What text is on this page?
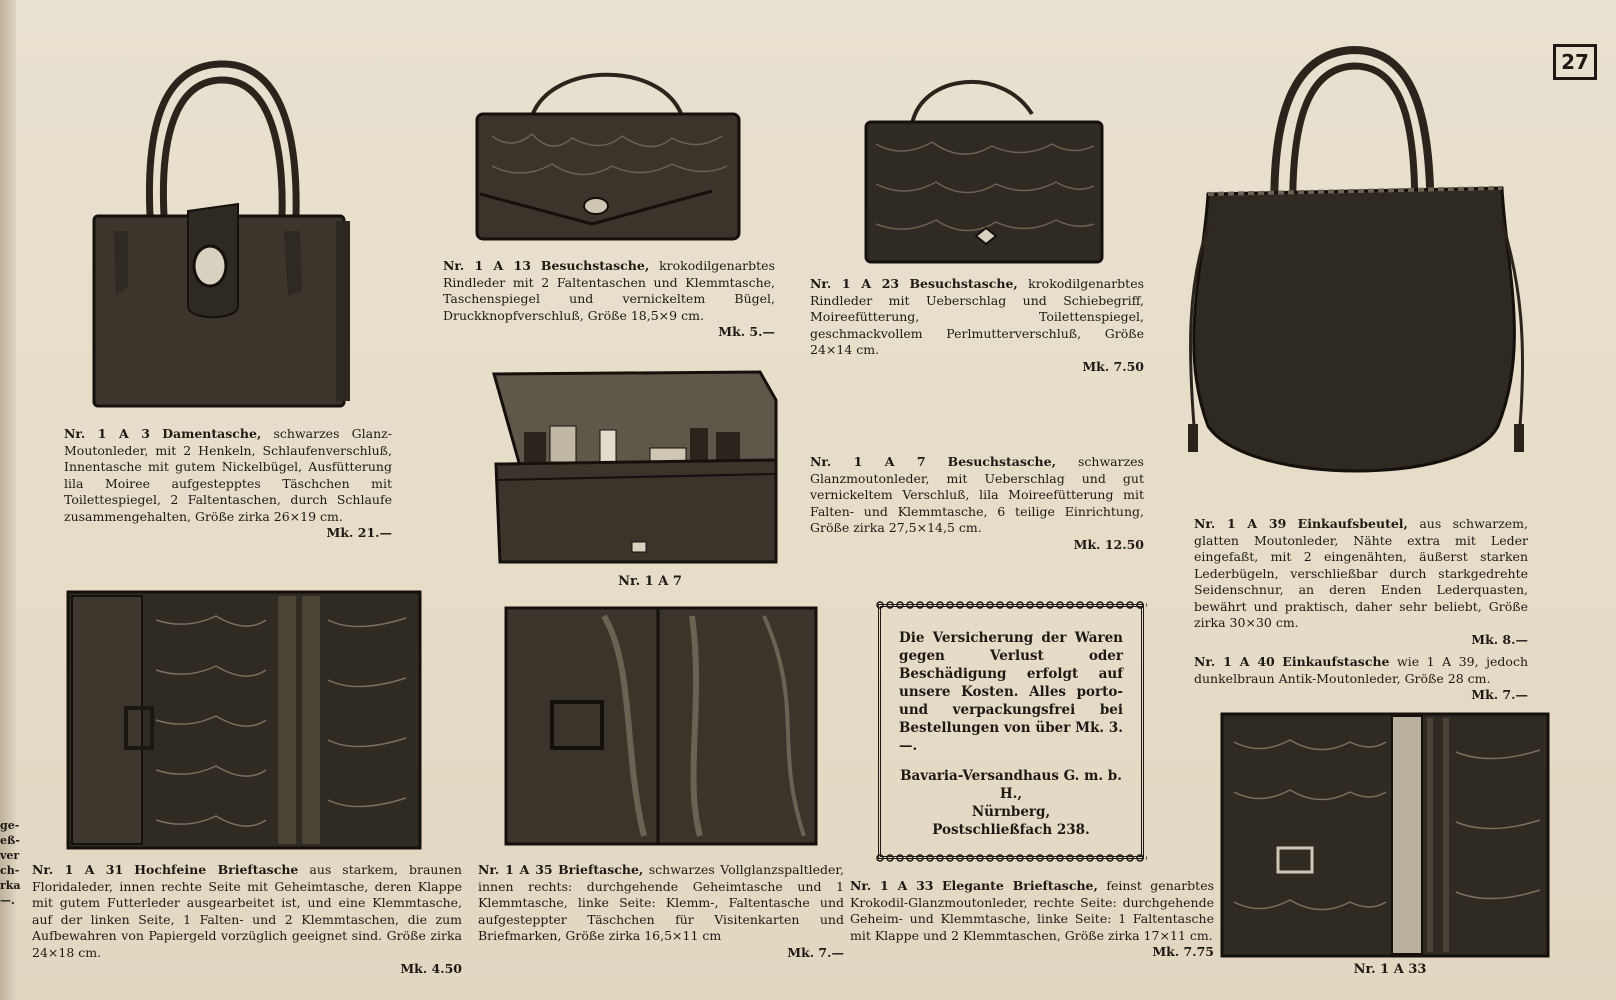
ge-
eß-
ver
ch-
rka
—.
27
Nr. 1 A 3 Damentasche, schwarzes Glanz-Moutonleder, mit 2 Henkeln, Schlaufenverschluß, Innentasche mit gutem Nickelbügel, Ausfütterung lila Moiree aufgestepptes Täschchen mit Toilettespiegel, 2 Faltentaschen, durch Schlaufe zusammengehalten, Größe zirka 26×19 cm.
Mk. 21.—
Nr. 1 A 13 Besuchstasche, krokodilgenarbtes Rindleder mit 2 Faltentaschen und Klemmtasche, Taschenspiegel und vernickeltem Bügel, Druckknopfverschluß, Größe 18,5×9 cm.
Mk. 5.—
Nr. 1 A 23 Besuchstasche, krokodilgenarbtes Rindleder mit Ueberschlag und Schiebegriff, Moireefütterung, Toilettenspiegel, geschmackvollem Perlmutterverschluß, Größe 24×14 cm.
Mk. 7.50
Nr. 1 A 7
Nr. 1 A 7 Besuchstasche, schwarzes Glanzmoutonleder, mit Ueberschlag und gut vernickeltem Verschluß, lila Moireefütterung mit Falten- und Klemmtasche, 6 teilige Einrichtung, Größe zirka 27,5×14,5 cm.
Mk. 12.50
Nr. 1 A 39 Einkaufsbeutel, aus schwarzem, glatten Moutonleder, Nähte extra mit Leder eingefaßt, mit 2 eingenähten, äußerst starken Lederbügeln, verschließbar durch starkgedrehte Seidenschnur, an deren Enden Lederquasten, bewährt und praktisch, daher sehr beliebt, Größe zirka 30×30 cm.
Mk. 8.—
Nr. 1 A 40 Einkaufstasche wie 1 A 39, jedoch dunkelbraun Antik-Moutonleder, Größe 28 cm.
Mk. 7.—
Nr. 1 A 31 Hochfeine Brieftasche aus starkem, braunen Floridaleder, innen rechte Seite mit Geheimtasche, deren Klappe mit gutem Futterleder ausgearbeitet ist, und eine Klemmtasche, auf der linken Seite, 1 Falten- und 2 Klemmtaschen, die zum Aufbewahren von Papiergeld vorzüglich geeignet sind. Größe zirka 24×18 cm.
Mk. 4.50
Nr. 1 A 35 Brieftasche, schwarzes Vollglanzspaltleder, innen rechts: durchgehende Geheimtasche und 1 Klemmtasche, linke Seite: Klemm-, Faltentasche und aufgesteppter Täschchen für Visitenkarten und Briefmarken, Größe zirka 16,5×11 cm
Mk. 7.—
Die Versicherung der Waren gegen Verlust oder Beschädigung erfolgt auf unsere Kosten. Alles porto- und verpackungsfrei bei Bestellungen von über Mk. 3.—.
Bavaria-Versandhaus G. m. b. H.,
Nürnberg,
Postschließfach 238.
Nr. 1 A 33 Elegante Brieftasche, feinst genarbtes Krokodil-Glanzmoutonleder, rechte Seite: durchgehende Geheim- und Klemmtasche, linke Seite: 1 Faltentasche mit Klappe und 2 Klemmtaschen, Größe zirka 17×11 cm.
Mk. 7.75
Nr. 1 A 33
